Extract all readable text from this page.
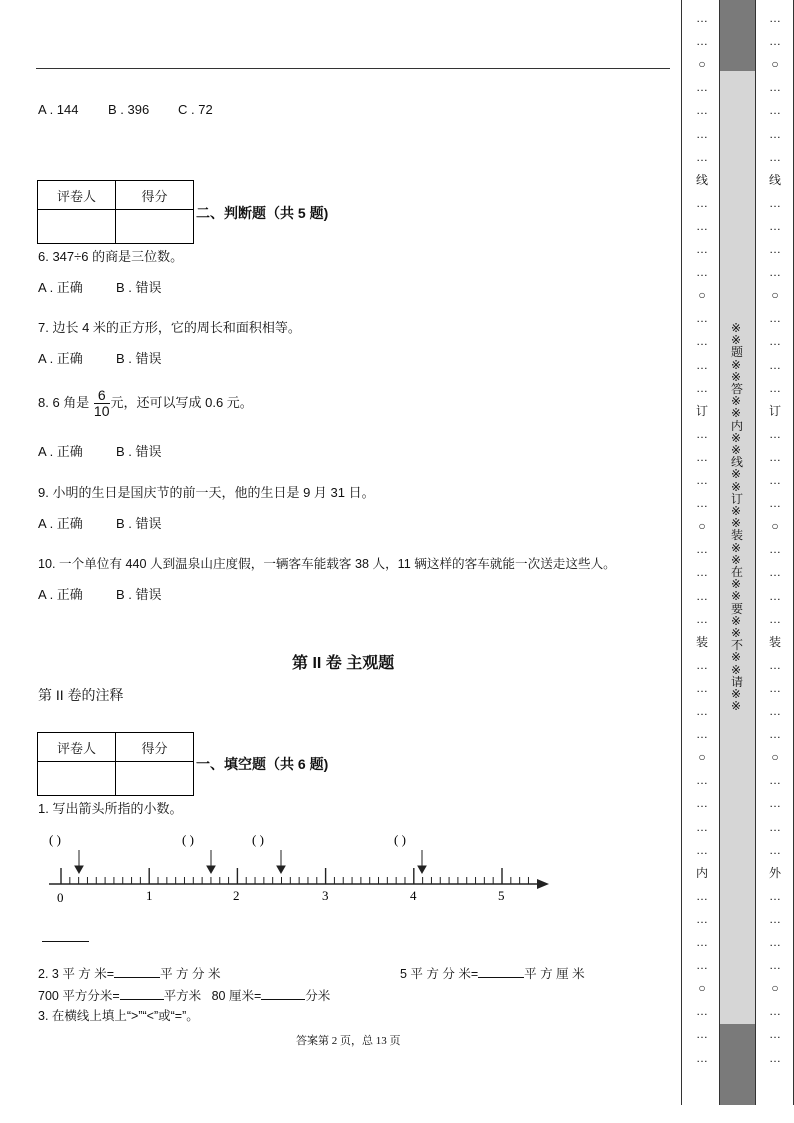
A . 144 B . 396 C . 72
评卷人	得分

二、判断题（共 5 题)
6. 347÷6 的商是三位数。
A . 正确	B . 错误
7. 边长 4 米的正方形，它的周长和面积相等。
A . 正确	B . 错误
8. 6 角是 $\frac{6}{10}$ 元，还可以写成 0.6 元。
A . 正确	B . 错误
9. 小明的生日是国庆节的前一天，他的生日是 9 月 31 日。
A . 正确	B . 错误
10. 一个单位有 440 人到温泉山庄度假，一辆客车能载客 38 人，11 辆这样的客车就能一次送走这些人。
A . 正确	B . 错误
第 II 卷 主观题
第 II 卷的注释
评卷人	得分

一、填空题（共 6 题)
1. 写出箭头所指的小数。
( )	( )	( )	( )
0	1	2	3	4	5
2. 3 平 方 米=	平 方 分 米	5 平 方 分 米=	平 方 厘 米
700 平方分米=	平方米 80 厘米=	分米
3. 在横线上填上“>”“<”或“=”。
答案第 2 页，总 13 页
※※题※※答※※内※※线※※订※※装※※在※※要※※不※※请※※
…
…
○
…
…
…
…
线
…
…
…
…
○
…
…
…
…
订
…
…
…
…
○
…
…
…
…
装
…
…
…
…
○
…
…
…
…
内
…
…
…
…
○
…
…
…
…
…
○
…
…
…
…
线
…
…
…
…
○
…
…
…
…
订
…
…
…
…
○
…
…
…
…
装
…
…
…
…
○
…
…
…
…
外
…
…
…
…
○
…
…
…
